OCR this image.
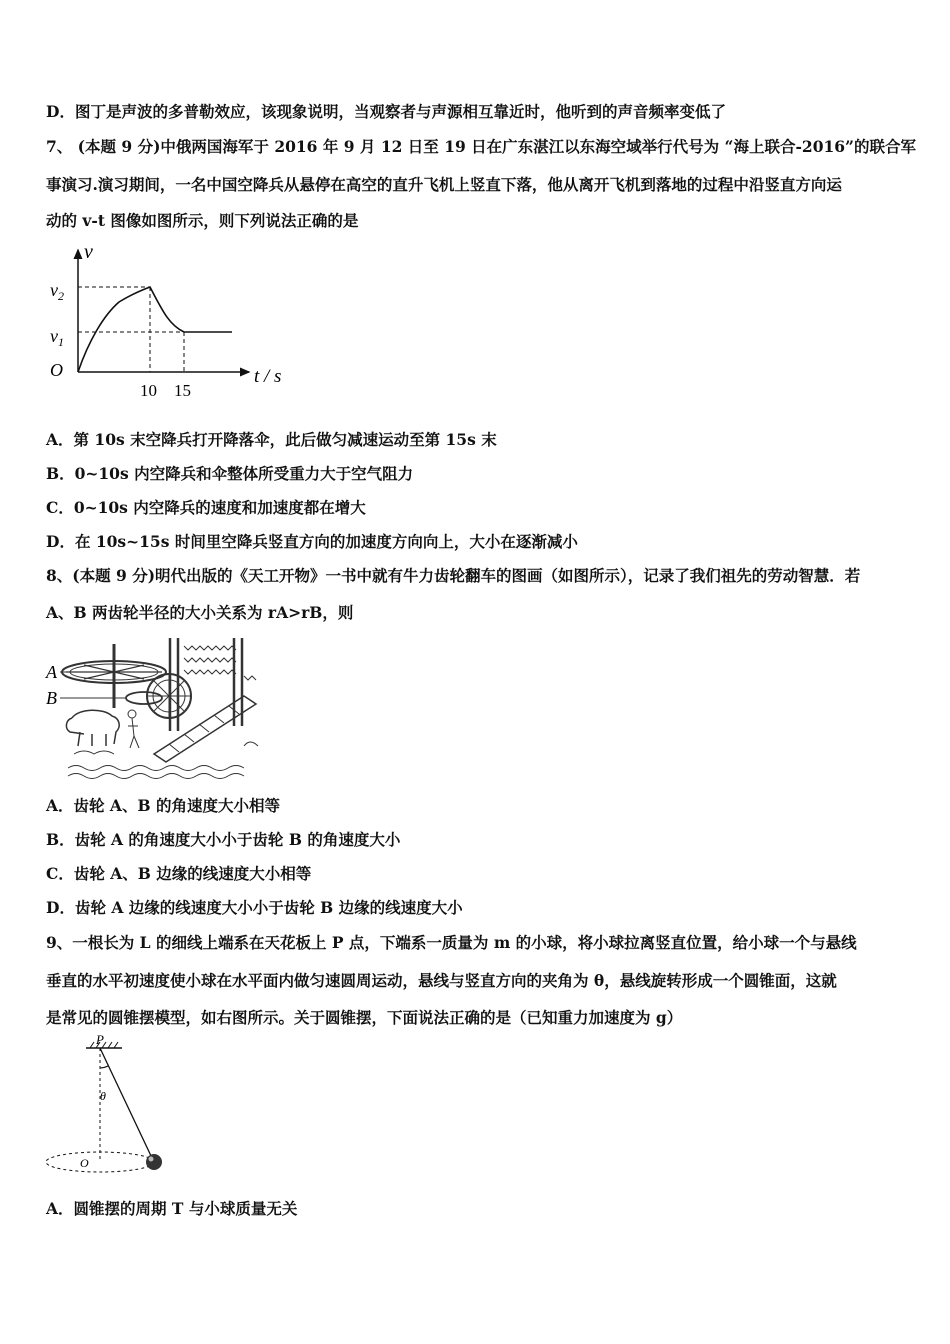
D．图丁是声波的多普勒效应，该现象说明，当观察者与声源相互靠近时，他听到的声音频率变低了
7、 (本题 9 分)中俄两国海军于 2016 年 9 月 12 日至 19 日在广东湛江以东海空域举行代号为 “海上联合-2016”的联合军
事演习.演习期间，一名中国空降兵从悬停在高空的直升飞机上竖直下落，他从离开飞机到落地的过程中沿竖直方向运
动的 v-t 图像如图所示，则下列说法正确的是
v
$v_2$
$v_1$
O
10 15
t / s
A．第 10s 末空降兵打开降落伞，此后做匀减速运动至第 15s 末
B．0~10s 内空降兵和伞整体所受重力大于空气阻力
C．0~10s 内空降兵的速度和加速度都在增大
D．在 10s~15s 时间里空降兵竖直方向的加速度方向向上，大小在逐渐减小
8、(本题 9 分)明代出版的《天工开物》一书中就有牛力齿轮翻车的图画（如图所示），记录了我们祖先的劳动智慧．若
A、B 两齿轮半径的大小关系为 rA>rB，则
A
B
A．齿轮 A、B 的角速度大小相等
B．齿轮 A 的角速度大小小于齿轮 B 的角速度大小
C．齿轮 A、B 边缘的线速度大小相等
D．齿轮 A 边缘的线速度大小小于齿轮 B 边缘的线速度大小
9、一根长为 L 的细线上端系在天花板上 P 点，下端系一质量为 m 的小球，将小球拉离竖直位置，给小球一个与悬线
垂直的水平初速度使小球在水平面内做匀速圆周运动，悬线与竖直方向的夹角为 θ，悬线旋转形成一个圆锥面，这就
是常见的圆锥摆模型，如右图所示。关于圆锥摆，下面说法正确的是（已知重力加速度为 g）
P
θ
O
A．圆锥摆的周期 T 与小球质量无关
